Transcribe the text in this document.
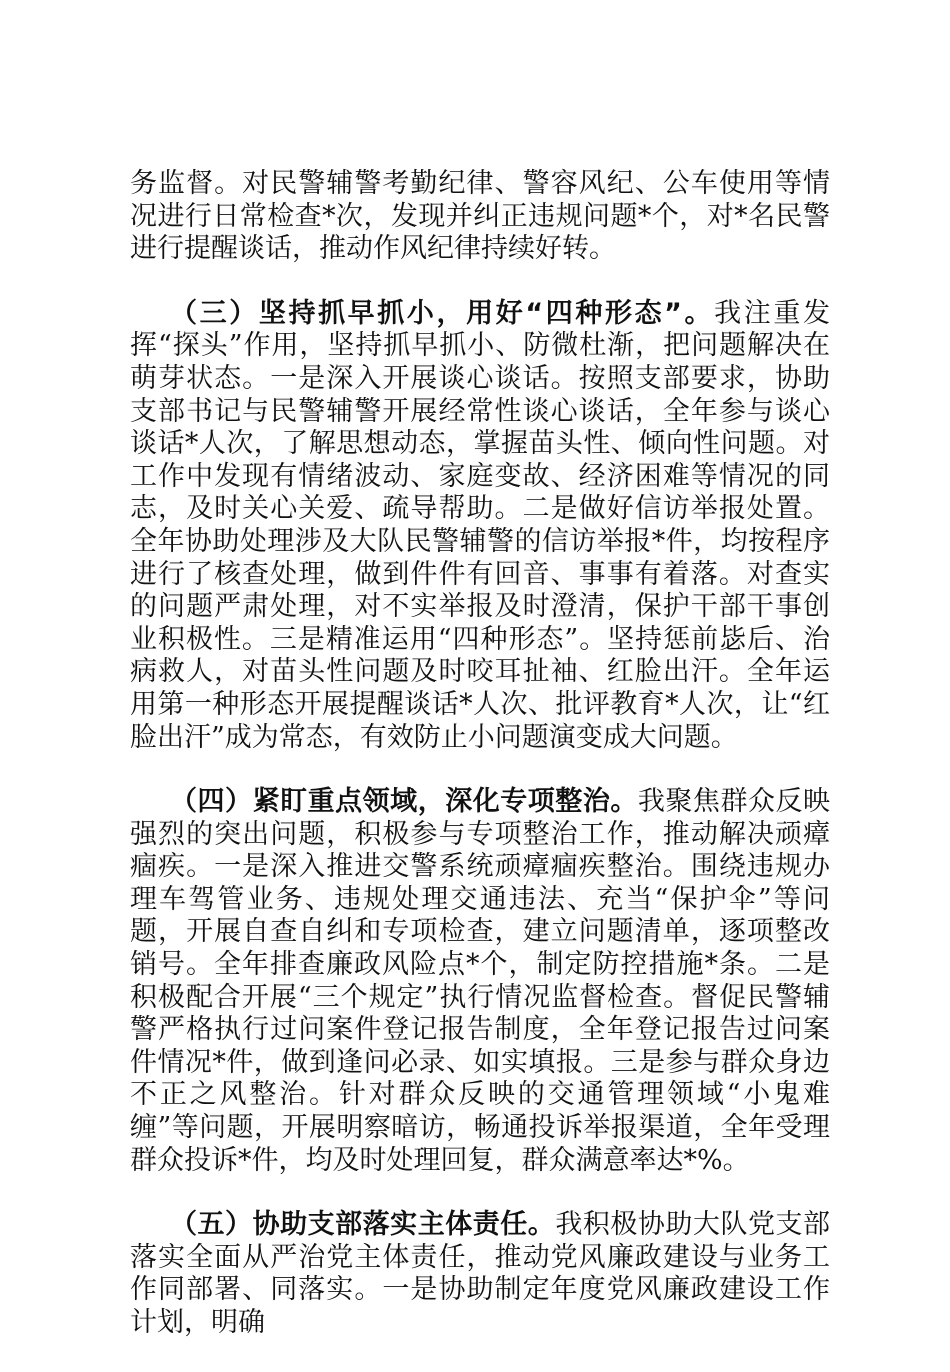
务监督。对民警辅警考勤纪律、警容风纪、公车使用等情况进行日常检查*次，发现并纠正违规问题*个，对*名民警进行提醒谈话，推动作风纪律持续好转。

（三）坚持抓早抓小，用好“四种形态”。我注重发挥“探头”作用，坚持抓早抓小、防微杜渐，把问题解决在萌芽状态。一是深入开展谈心谈话。按照支部要求，协助支部书记与民警辅警开展经常性谈心谈话，全年参与谈心谈话*人次，了解思想动态，掌握苗头性、倾向性问题。对工作中发现有情绪波动、家庭变故、经济困难等情况的同志，及时关心关爱、疏导帮助。二是做好信访举报处置。全年协助处理涉及大队民警辅警的信访举报*件，均按程序进行了核查处理，做到件件有回音、事事有着落。对查实的问题严肃处理，对不实举报及时澄清，保护干部干事创业积极性。三是精准运用“四种形态”。坚持惩前毖后、治病救人，对苗头性问题及时咬耳扯袖、红脸出汗。全年运用第一种形态开展提醒谈话*人次、批评教育*人次，让“红脸出汗”成为常态，有效防止小问题演变成大问题。

（四）紧盯重点领域，深化专项整治。我聚焦群众反映强烈的突出问题，积极参与专项整治工作，推动解决顽瘴痼疾。一是深入推进交警系统顽瘴痼疾整治。围绕违规办理车驾管业务、违规处理交通违法、充当“保护伞”等问题，开展自查自纠和专项检查，建立问题清单，逐项整改销号。全年排查廉政风险点*个，制定防控措施*条。二是积极配合开展“三个规定”执行情况监督检查。督促民警辅警严格执行过问案件登记报告制度，全年登记报告过问案件情况*件，做到逢问必录、如实填报。三是参与群众身边不正之风整治。针对群众反映的交通管理领域“小鬼难缠”等问题，开展明察暗访，畅通投诉举报渠道，全年受理群众投诉*件，均及时处理回复，群众满意率达*%。

（五）协助支部落实主体责任。我积极协助大队党支部落实全面从严治党主体责任，推动党风廉政建设与业务工作同部署、同落实。一是协助制定年度党风廉政建设工作计划，明确
